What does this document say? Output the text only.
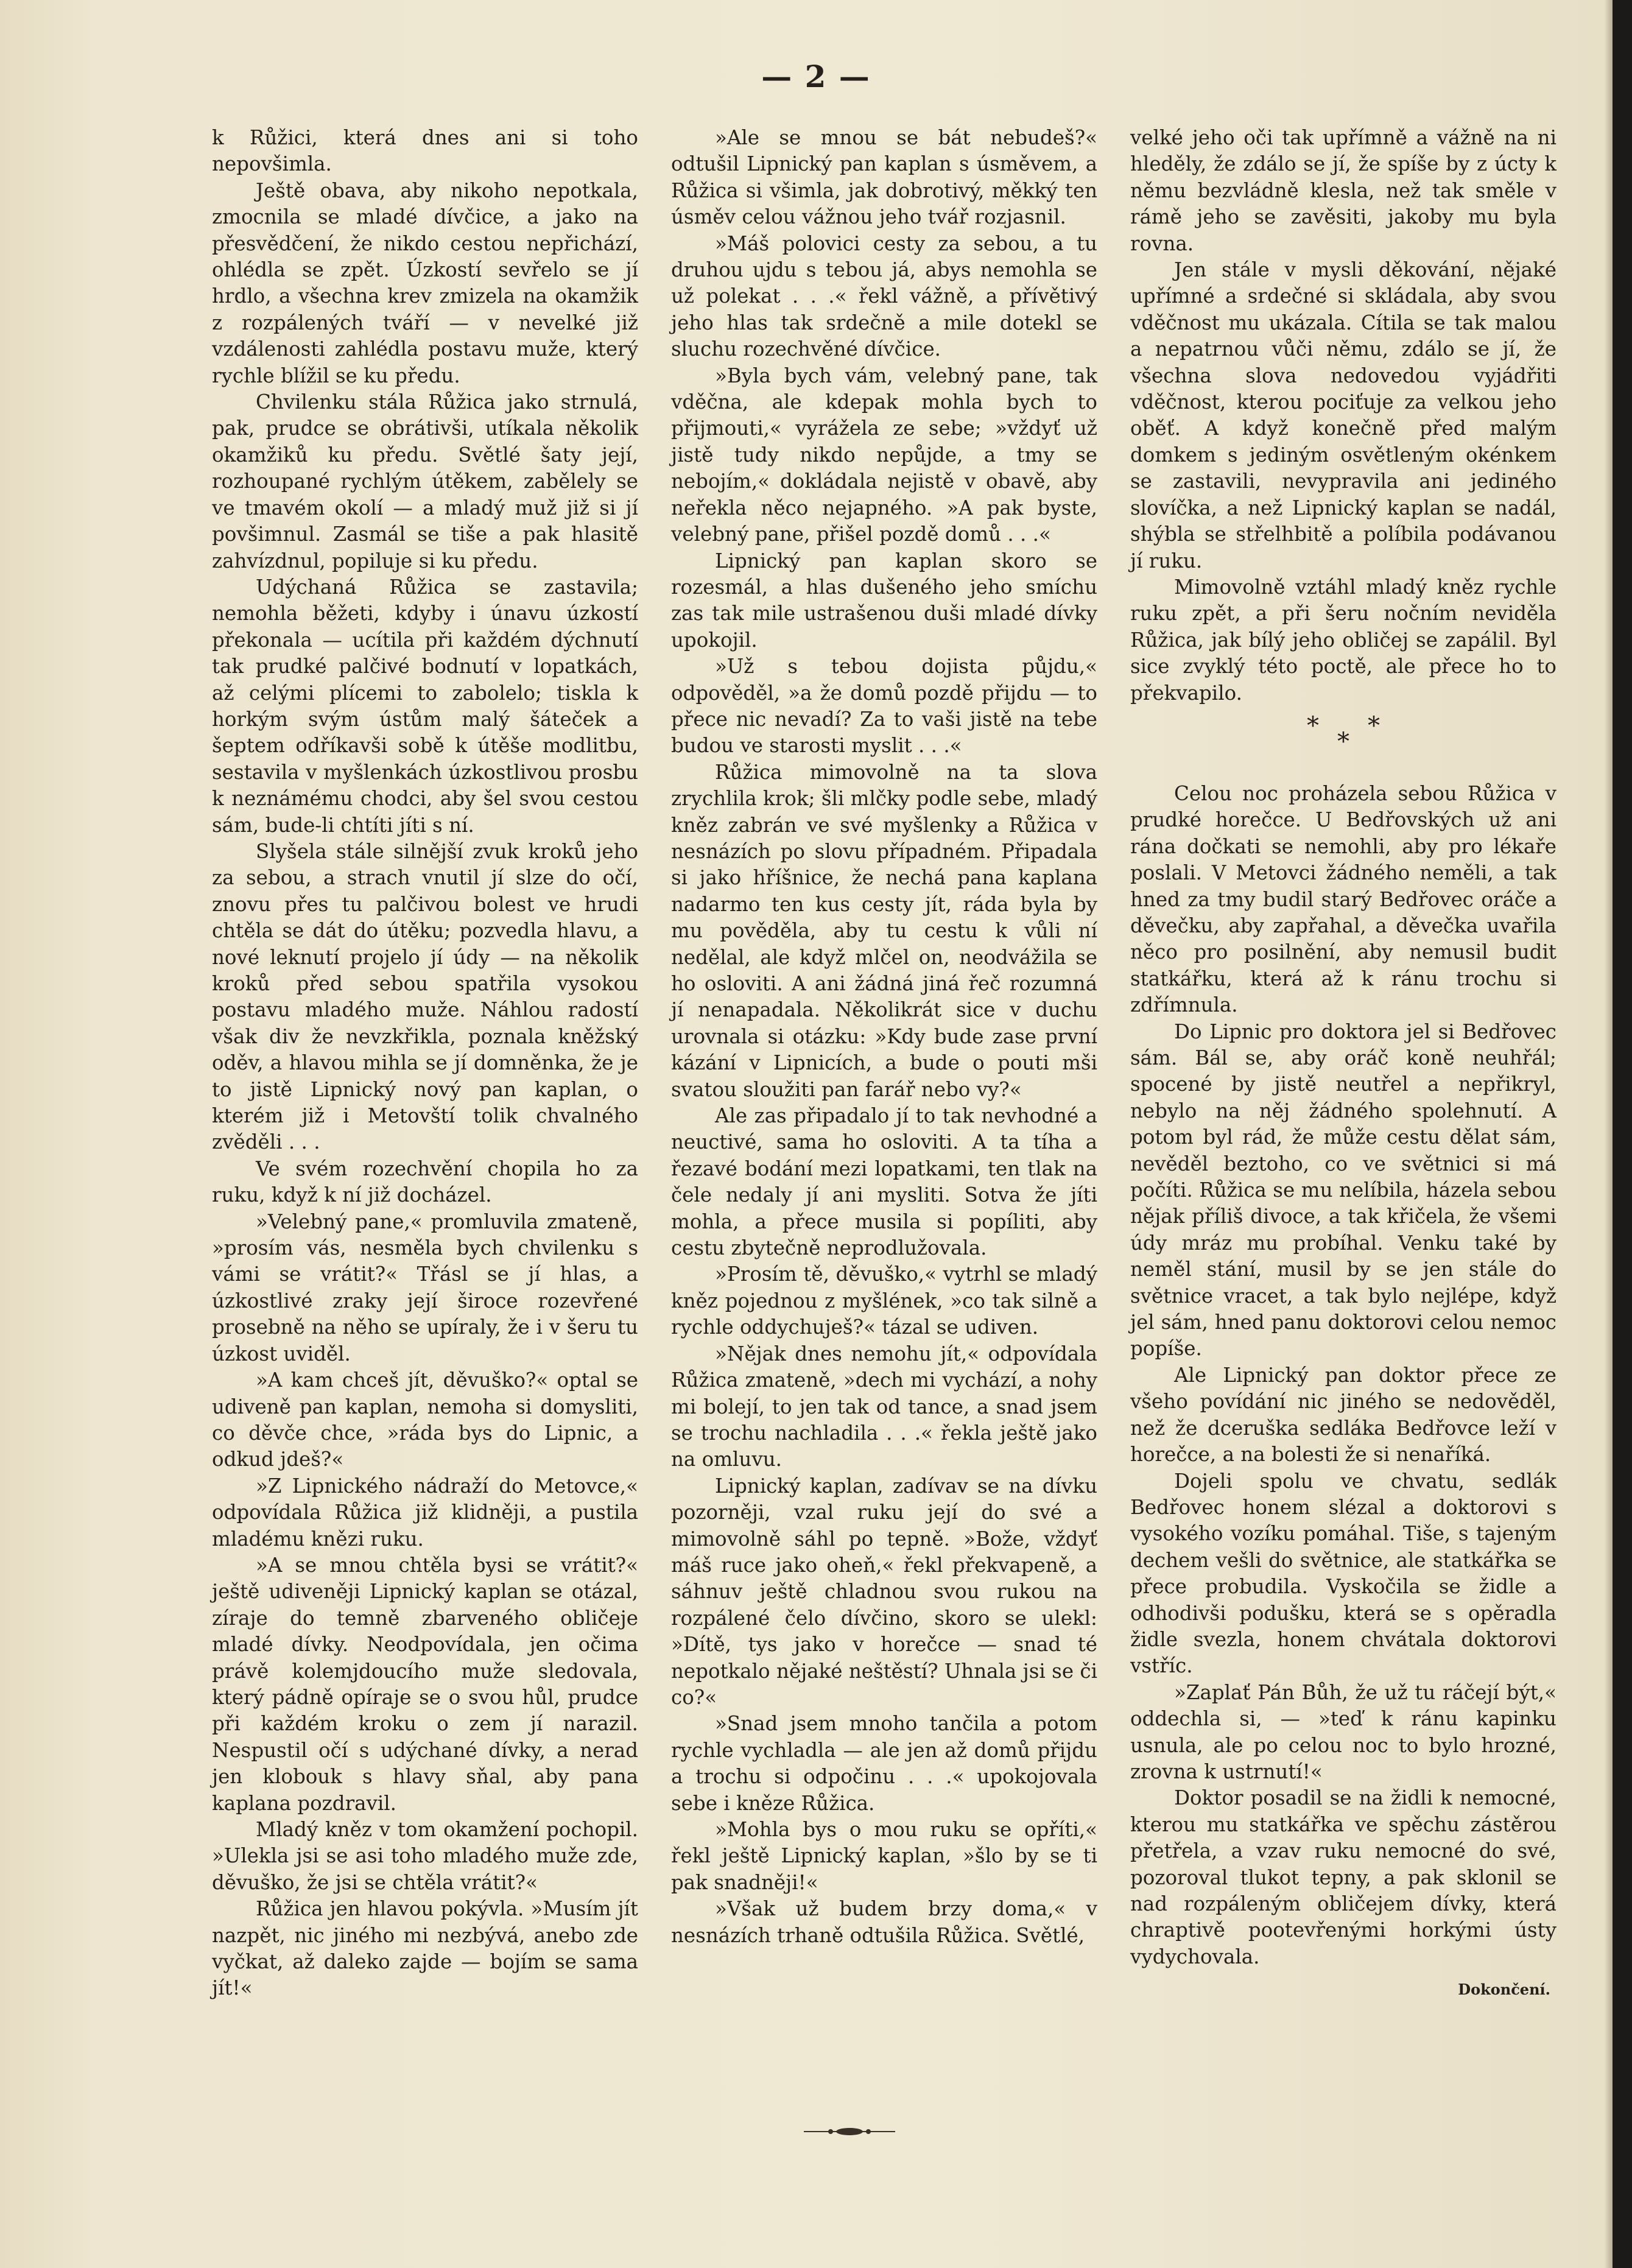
— 2 —

k Růžici, která dnes ani si toho nepovšimla.

Ještě obava, aby nikoho nepotkala, zmocnila se mladé dívčice, a jako na přesvědčení, že nikdo cestou nepřichází, ohlédla se zpět. Úzkostí sevřelo se jí hrdlo, a všechna krev zmizela na okamžik z rozpálených tváří — v nevelké již vzdálenosti zahlédla postavu muže, který rychle blížil se ku předu.

Chvilenku stála Růžica jako strnulá, pak, prudce se obrátivši, utíkala několik okamžiků ku předu. Světlé šaty její, rozhoupané rychlým útěkem, zabělely se ve tmavém okolí — a mladý muž již si jí povšimnul. Zasmál se tiše a pak hlasitě zahvízdnul, popiluje si ku předu.

Udýchaná Růžica se zastavila; nemohla běžeti, kdyby i únavu úzkostí překonala — ucítila při každém dýchnutí tak prudké palčivé bodnutí v lopatkách, až celými plícemi to zabolelo; tiskla k horkým svým ústům malý šáteček a šeptem odříkavši sobě k útěše modlitbu, sestavila v myšlenkách úzkostlivou prosbu k neznámému chodci, aby šel svou cestou sám, bude-li chtíti jíti s ní.

Slyšela stále silnější zvuk kroků jeho za sebou, a strach vnutil jí slze do očí, znovu přes tu palčivou bolest ve hrudi chtěla se dát do útěku; pozvedla hlavu, a nové leknutí projelo jí údy — na několik kroků před sebou spatřila vysokou postavu mladého muže. Náhlou radostí však div že nevzkřikla, poznala kněžský oděv, a hlavou mihla se jí domněnka, že je to jistě Lipnický nový pan kaplan, o kterém již i Metovští tolik chvalného zvěděli . . .

Ve svém rozechvění chopila ho za ruku, když k ní již docházel.

»Velebný pane,« promluvila zmateně, »prosím vás, nesměla bych chvilenku s vámi se vrátit?« Třásl se jí hlas, a úzkostlivé zraky její široce rozevřené prosebně na něho se upíraly, že i v šeru tu úzkost uviděl.

»A kam chceš jít, děvuško?« optal se udiveně pan kaplan, nemoha si domysliti, co děvče chce, »ráda bys do Lipnic, a odkud jdeš?«

»Z Lipnického nádraží do Metovce,« odpovídala Růžica již klidněji, a pustila mladému knězi ruku.

»A se mnou chtěla bysi se vrátit?« ještě udiveněji Lipnický kaplan se otázal, zíraje do temně zbarveného obličeje mladé dívky. Neodpovídala, jen očima právě kolemjdoucího muže sledovala, který pádně opíraje se o svou hůl, prudce při každém kroku o zem jí narazil. Nespustil očí s udýchané dívky, a nerad jen klobouk s hlavy sňal, aby pana kaplana pozdravil.

Mladý kněz v tom okamžení pochopil. »Ulekla jsi se asi toho mladého muže zde, děvuško, že jsi se chtěla vrátit?«

Růžica jen hlavou pokývla. »Musím jít nazpět, nic jiného mi nezbývá, anebo zde vyčkat, až daleko zajde — bojím se sama jít!«

»Ale se mnou se bát nebudeš?« odtušil Lipnický pan kaplan s úsměvem, a Růžica si všimla, jak dobrotivý, měkký ten úsměv celou vážnou jeho tvář rozjasnil.

»Máš polovici cesty za sebou, a tu druhou ujdu s tebou já, abys nemohla se už polekat . . .« řekl vážně, a přívětivý jeho hlas tak srdečně a mile dotekl se sluchu rozechvěné dívčice.

»Byla bych vám, velebný pane, tak vděčna, ale kdepak mohla bych to přijmouti,« vyrážela ze sebe; »vždyť už jistě tudy nikdo nepůjde, a tmy se nebojím,« dokládala nejistě v obavě, aby neřekla něco nejapného. »A pak byste, velebný pane, přišel pozdě domů . . .«

Lipnický pan kaplan skoro se rozesmál, a hlas dušeného jeho smíchu zas tak mile ustrašenou duši mladé dívky upokojil.

»Už s tebou dojista půjdu,« odpověděl, »a že domů pozdě přijdu — to přece nic nevadí? Za to vaši jistě na tebe budou ve starosti myslit . . .«

Růžica mimovolně na ta slova zrychlila krok; šli mlčky podle sebe, mladý kněz zabrán ve své myšlenky a Růžica v nesnázích po slovu případném. Připadala si jako hříšnice, že nechá pana kaplana nadarmo ten kus cesty jít, ráda byla by mu pověděla, aby tu cestu k vůli ní nedělal, ale když mlčel on, neodvážila se ho osloviti. A ani žádná jiná řeč rozumná jí nenapadala. Několikrát sice v duchu urovnala si otázku: »Kdy bude zase první kázání v Lipnicích, a bude o pouti mši svatou sloužiti pan farář nebo vy?«

Ale zas připadalo jí to tak nevhodné a neuctivé, sama ho osloviti. A ta tíha a řezavé bodání mezi lopatkami, ten tlak na čele nedaly jí ani mysliti. Sotva že jíti mohla, a přece musila si popíliti, aby cestu zbytečně neprodlužovala.

»Prosím tě, děvuško,« vytrhl se mladý kněz pojednou z myšlének, »co tak silně a rychle oddychuješ?« tázal se udiven.

»Nějak dnes nemohu jít,« odpovídala Růžica zmateně, »dech mi vychází, a nohy mi bolejí, to jen tak od tance, a snad jsem se trochu nachladila . . .« řekla ještě jako na omluvu.

Lipnický kaplan, zadívav se na dívku pozorněji, vzal ruku její do své a mimovolně sáhl po tepně. »Bože, vždyť máš ruce jako oheň,« řekl překvapeně, a sáhnuv ještě chladnou svou rukou na rozpálené čelo dívčino, skoro se ulekl: »Dítě, tys jako v horečce — snad té nepotkalo nějaké neštěstí? Uhnala jsi se či co?«

»Snad jsem mnoho tančila a potom rychle vychladla — ale jen až domů přijdu a trochu si odpočinu . . .« upokojovala sebe i kněze Růžica.

»Mohla bys o mou ruku se opříti,« řekl ještě Lipnický kaplan, »šlo by se ti pak snadněji!«

»Však už budem brzy doma,« v nesnázích trhaně odtušila Růžica. Světlé,

velké jeho oči tak upřímně a vážně na ni hleděly, že zdálo se jí, že spíše by z úcty k němu bezvládně klesla, než tak směle v rámě jeho se zavěsiti, jakoby mu byla rovna.

Jen stále v mysli děkování, nějaké upřímné a srdečné si skládala, aby svou vděčnost mu ukázala. Cítila se tak malou a nepatrnou vůči němu, zdálo se jí, že všechna slova nedovedou vyjádřiti vděčnost, kterou pociťuje za velkou jeho oběť. A když konečně před malým domkem s jediným osvětleným okénkem se zastavili, nevypravila ani jediného slovíčka, a než Lipnický kaplan se nadál, shýbla se střelhbitě a políbila podávanou jí ruku.

Mimovolně vztáhl mladý kněz rychle ruku zpět, a při šeru nočním neviděla Růžica, jak bílý jeho obličej se zapálil. Byl sice zvyklý této poctě, ale přece ho to překvapilo.

* *
*

Celou noc proházela sebou Růžica v prudké horečce. U Bedřovských už ani rána dočkati se nemohli, aby pro lékaře poslali. V Metovci žádného neměli, a tak hned za tmy budil starý Bedřovec oráče a děvečku, aby zapřahal, a děvečka uvařila něco pro posilnění, aby nemusil budit statkářku, která až k ránu trochu si zdřímnula.

Do Lipnic pro doktora jel si Bedřovec sám. Bál se, aby oráč koně neuhřál; spocené by jistě neutřel a nepřikryl, nebylo na něj žádného spolehnutí. A potom byl rád, že může cestu dělat sám, nevěděl beztoho, co ve světnici si má počíti. Růžica se mu nelíbila, házela sebou nějak příliš divoce, a tak křičela, že všemi údy mráz mu probíhal. Venku také by neměl stání, musil by se jen stále do světnice vracet, a tak bylo nejlépe, když jel sám, hned panu doktorovi celou nemoc popíše.

Ale Lipnický pan doktor přece ze všeho povídání nic jiného se nedověděl, než že dceruška sedláka Bedřovce leží v horečce, a na bolesti že si nenaříká.

Dojeli spolu ve chvatu, sedlák Bedřovec honem slézal a doktorovi s vysokého vozíku pomáhal. Tiše, s tajeným dechem vešli do světnice, ale statkářka se přece probudila. Vyskočila se židle a odhodivši podušku, která se s opěradla židle svezla, honem chvátala doktorovi vstříc.

»Zaplať Pán Bůh, že už tu ráčejí být,« oddechla si, — »teď k ránu kapinku usnula, ale po celou noc to bylo hrozné, zrovna k ustrnutí!«

Doktor posadil se na židli k nemocné, kterou mu statkářka ve spěchu zástěrou přetřela, a vzav ruku nemocné do své, pozoroval tlukot tepny, a pak sklonil se nad rozpáleným obličejem dívky, která chraptivě pootevřenými horkými ústy vydychovala.

Dokončení.
